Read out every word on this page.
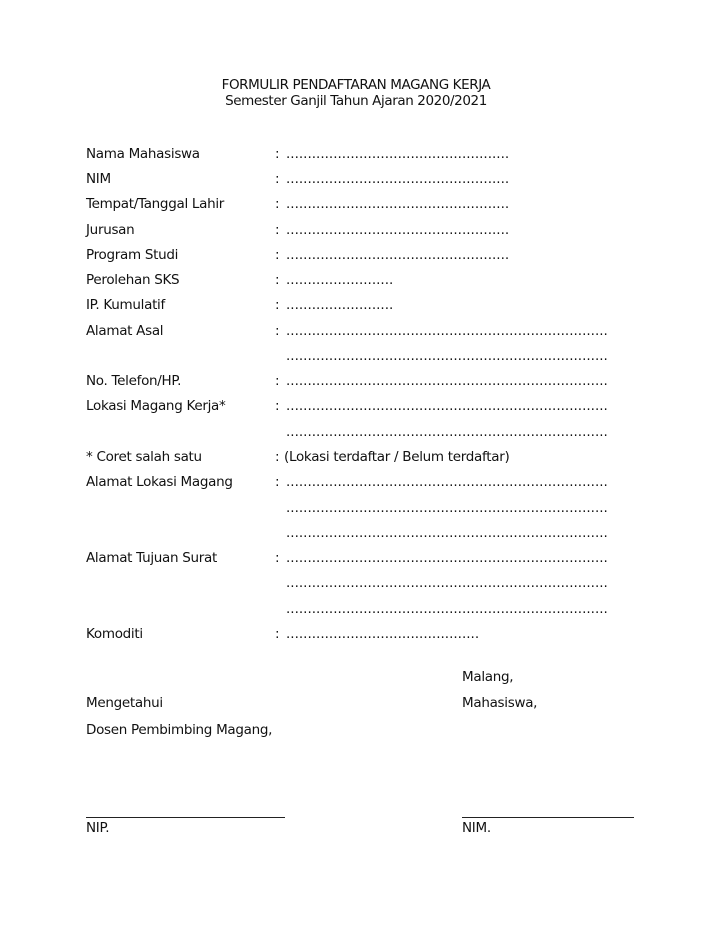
FORMULIR PENDAFTARAN MAGANG KERJA
Semester Ganjil Tahun Ajaran 2020/2021
Nama Mahasiswa	: ....................................................
NIM	: ....................................................
Tempat/Tanggal Lahir	: ....................................................
Jurusan	: ....................................................
Program Studi	: ....................................................
Perolehan SKS	: .........................
IP. Kumulatif	: .........................
Alamat Asal	: ...........................................................................
...........................................................................
No. Telefon/HP.	: ...........................................................................
Lokasi Magang Kerja*	: ...........................................................................
...........................................................................
* Coret salah satu	: (Lokasi terdaftar / Belum terdaftar)
Alamat Lokasi Magang	: ...........................................................................
...........................................................................
...........................................................................
Alamat Tujuan Surat	: ...........................................................................
...........................................................................
...........................................................................
Komoditi	: .............................................
Malang,
Mengetahui	Mahasiswa,
Dosen Pembimbing Magang,
NIP.	NIM.
